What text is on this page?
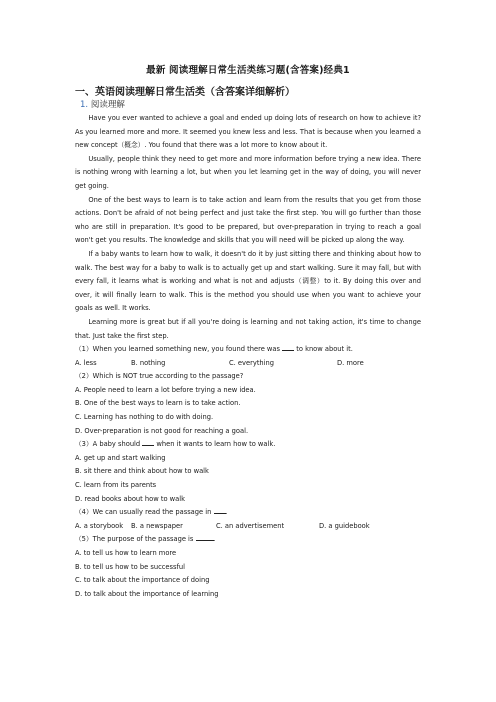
最新 阅读理解日常生活类练习题(含答案)经典1
一、英语阅读理解日常生活类（含答案详细解析）
1. 阅读理解

Have you ever wanted to achieve a goal and ended up doing lots of research on how to achieve it? As you learned more and more. It seemed you knew less and less. That is because when you learned a new concept（概念）. You found that there was a lot more to know about it.

Usually, people think they need to get more and more information before trying a new idea. There is nothing wrong with learning a lot, but when you let learning get in the way of doing, you will never get going.

One of the best ways to learn is to take action and learn from the results that you get from those actions. Don't be afraid of not being perfect and just take the first step. You will go further than those who are still in preparation. It's good to be prepared, but over-preparation in trying to reach a goal won't get you results. The knowledge and skills that you will need will be picked up along the way.

If a baby wants to learn how to walk, it doesn't do it by just sitting there and thinking about how to walk. The best way for a baby to walk is to actually get up and start walking. Sure it may fall, but with every fall, it learns what is working and what is not and adjusts（调整）to it. By doing this over and over, it will finally learn to walk. This is the method you should use when you want to achieve your goals as well. It works.

Learning more is great but if all you're doing is learning and not taking action, it's time to change that. Just take the first step.

（1）When you learned something new, you found there was  to know about it.

A. less	B. nothing	C. everything	D. more

（2）Which is NOT true according to the passage?

A. People need to learn a lot before trying a new idea.

B. One of the best ways to learn is to take action.

C. Learning has nothing to do with doing.

D. Over-preparation is not good for reaching a goal.

（3）A baby should  when it wants to learn how to walk.

A. get up and start walking

B. sit there and think about how to walk

C. learn from its parents

D. read books about how to walk

（4）We can usually read the passage in .

A. a storybook	B. a newspaper	C. an advertisement	D. a guidebook

（5）The purpose of the passage is	.

A. to tell us how to learn more

B. to tell us how to be successful

C. to talk about the importance of doing

D. to talk about the importance of learning
